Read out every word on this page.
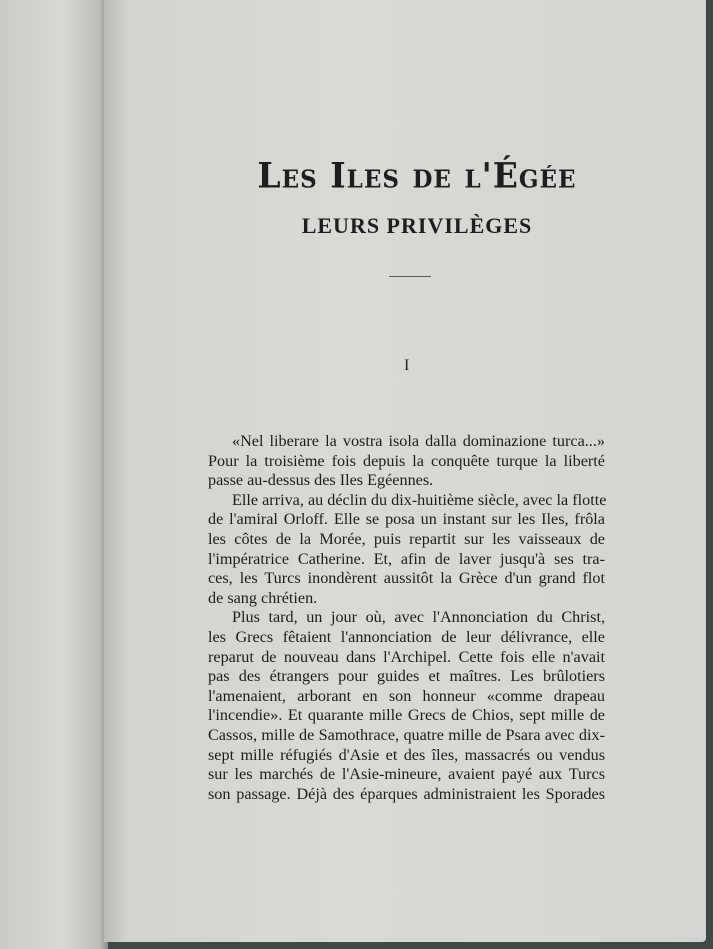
Les Iles de l'Égée
LEURS PRIVILÈGES
I
«Nel liberare la vostra isola dalla dominazione turca...»
Pour la troisième fois depuis la conquête turque la liberté
passe au-dessus des Iles Egéennes.
Elle arriva, au déclin du dix-huitième siècle, avec la flotte
de l'amiral Orloff. Elle se posa un instant sur les Iles, frôla
les côtes de la Morée, puis repartit sur les vaisseaux de
l'impératrice Catherine. Et, afin de laver jusqu'à ses tra-
ces, les Turcs inondèrent aussitôt la Grèce d'un grand flot
de sang chrétien.
Plus tard, un jour où, avec l'Annonciation du Christ,
les Grecs fêtaient l'annonciation de leur délivrance, elle
reparut de nouveau dans l'Archipel. Cette fois elle n'avait
pas des étrangers pour guides et maîtres. Les brûlotiers
l'amenaient, arborant en son honneur «comme drapeau
l'incendie». Et quarante mille Grecs de Chios, sept mille de
Cassos, mille de Samothrace, quatre mille de Psara avec dix-
sept mille réfugiés d'Asie et des îles, massacrés ou vendus
sur les marchés de l'Asie-mineure, avaient payé aux Turcs
son passage. Déjà des éparques administraient les Sporades
